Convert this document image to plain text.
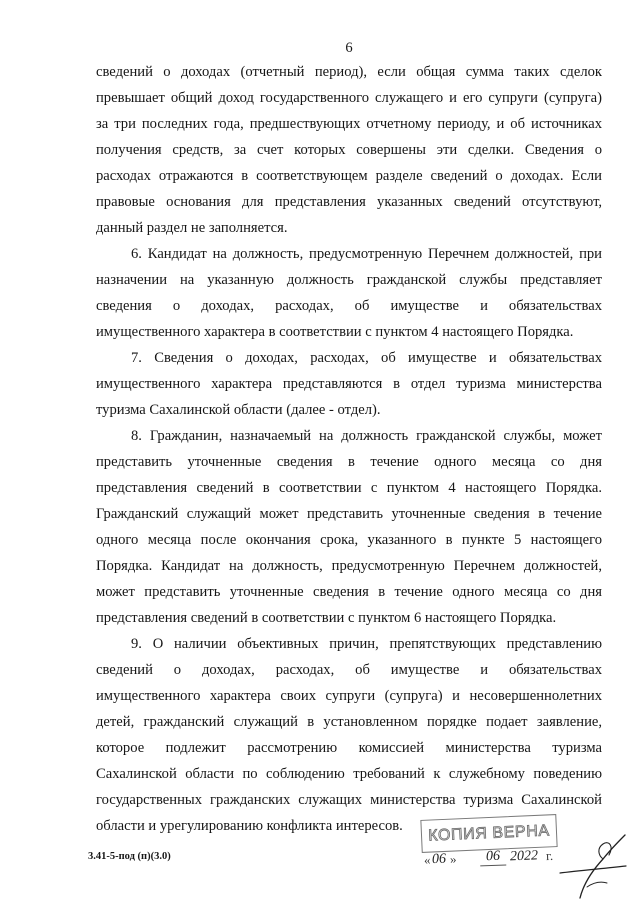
6
сведений о доходах (отчетный период), если общая сумма таких сделок
превышает общий доход государственного служащего и его супруги (супруга)
за три последних года, предшествующих отчетному периоду, и об источниках
получения средств, за счет которых совершены эти сделки. Сведения о
расходах отражаются в соответствующем разделе сведений о доходах. Если
правовые основания для представления указанных сведений отсутствуют,
данный раздел не заполняется.
6. Кандидат на должность, предусмотренную Перечнем должностей, при
назначении на указанную должность гражданской службы представляет
сведения о доходах, расходах, об имуществе и обязательствах
имущественного характера в соответствии с пунктом 4 настоящего Порядка.
7. Сведения о доходах, расходах, об имуществе и обязательствах
имущественного характера представляются в отдел туризма министерства
туризма Сахалинской области (далее - отдел).
8. Гражданин, назначаемый на должность гражданской службы, может
представить уточненные сведения в течение одного месяца со дня
представления сведений в соответствии с пунктом 4 настоящего Порядка.
Гражданский служащий может представить уточненные сведения в течение
одного месяца после окончания срока, указанного в пункте 5 настоящего
Порядка. Кандидат на должность, предусмотренную Перечнем должностей,
может представить уточненные сведения в течение одного месяца со дня
представления сведений в соответствии с пунктом 6 настоящего Порядка.
9. О наличии объективных причин, препятствующих представлению
сведений о доходах, расходах, об имуществе и обязательствах
имущественного характера своих супруги (супруга) и несовершеннолетних
детей, гражданский служащий в установленном порядке подает заявление,
которое подлежит рассмотрению комиссией министерства туризма
Сахалинской области по соблюдению требований к служебному поведению
государственных гражданских служащих министерства туризма Сахалинской
области и урегулированию конфликта интересов.
3.41-5-под (п)(3.0)
КОПИЯ ВЕРНА
« 06 »	06 2022 г.
